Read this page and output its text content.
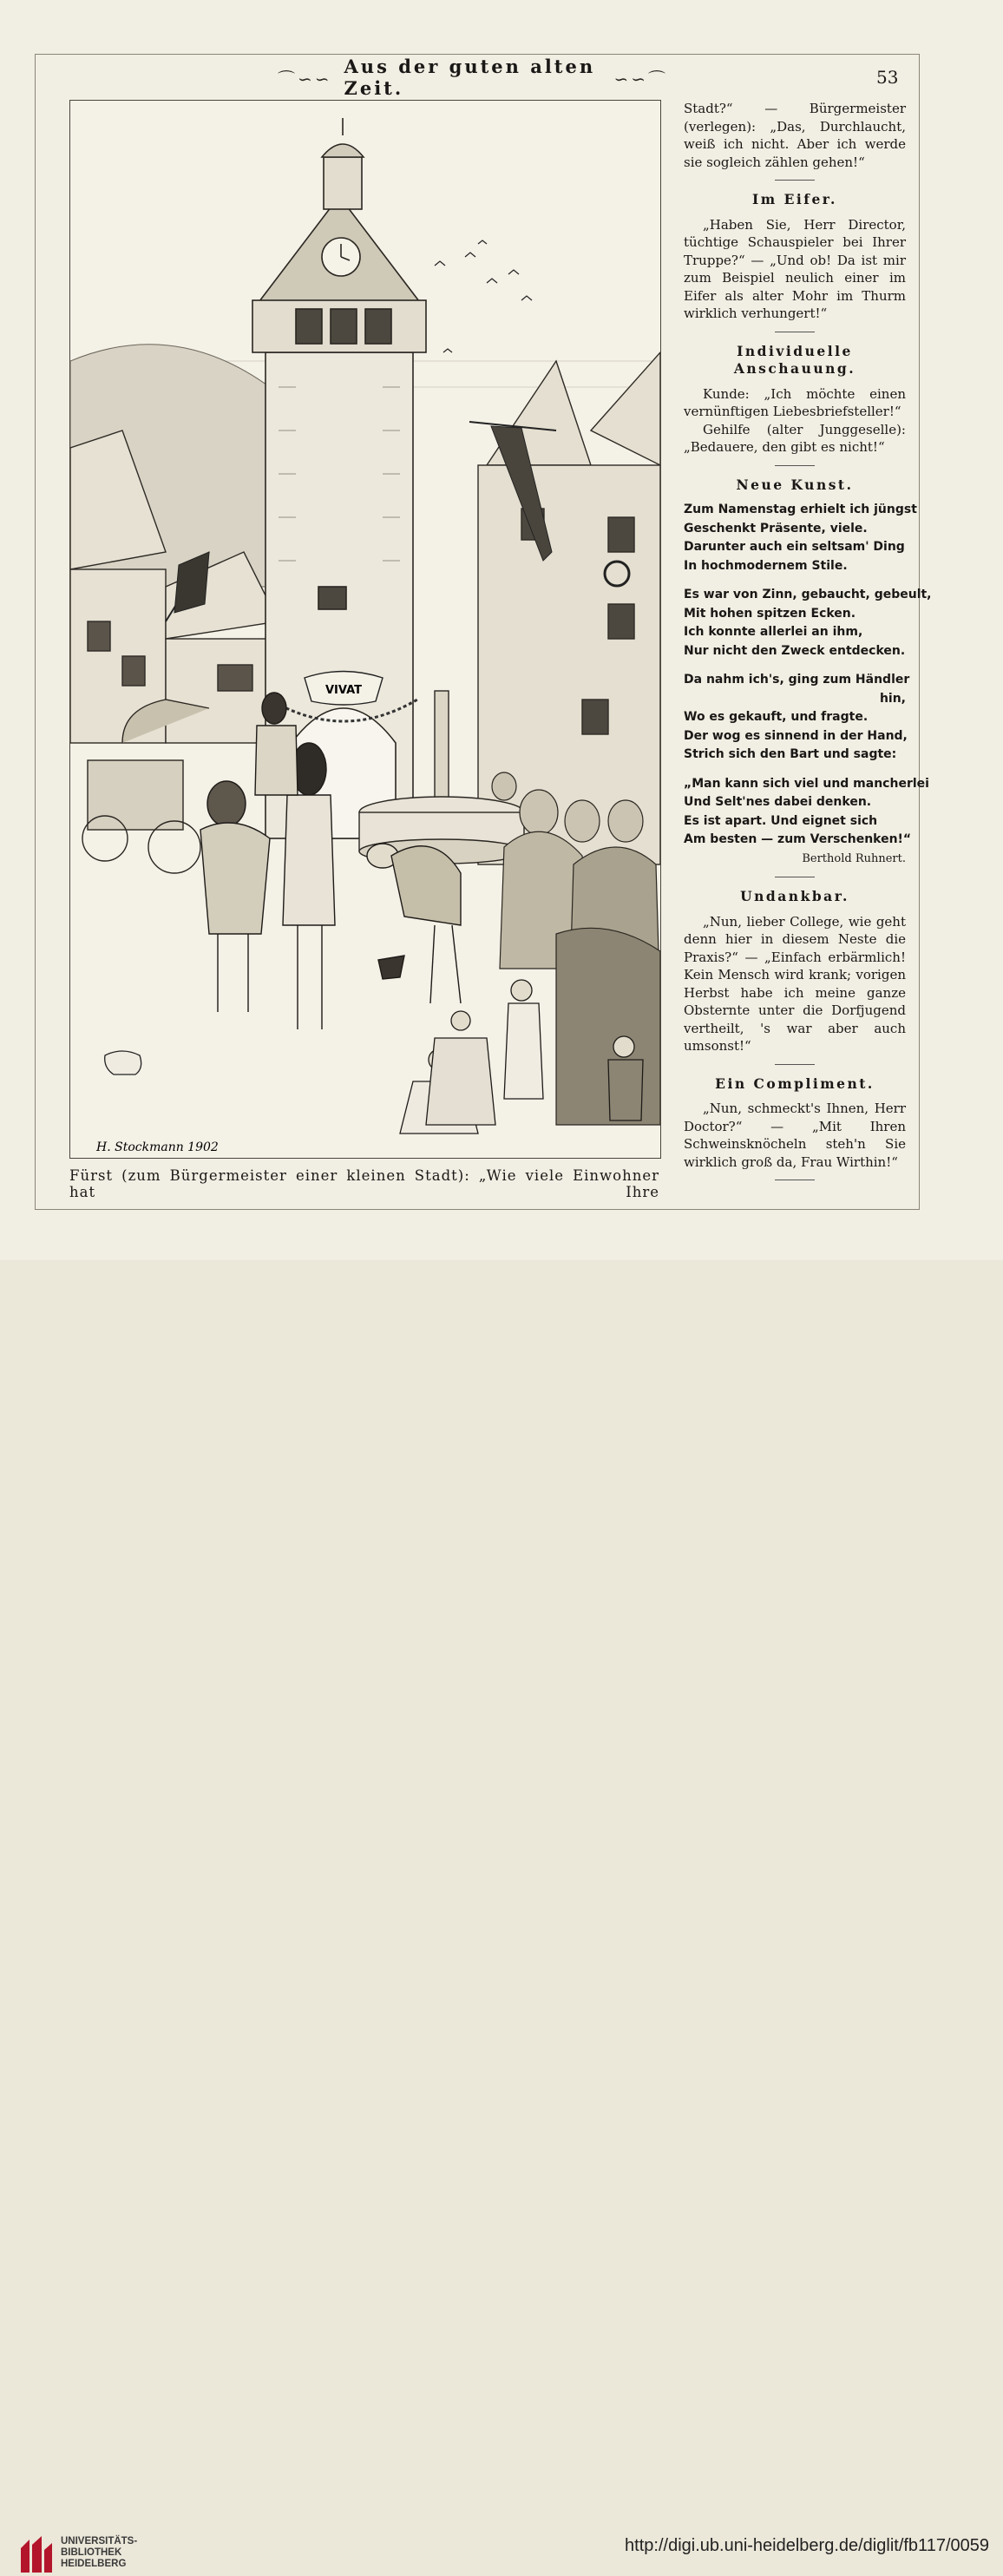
⌒∽∽
Aus der guten alten Zeit.	∽∽⌒	53
VIVAT
H. Stockmann 1902
Fürst (zum Bürgermeister einer kleinen Stadt): „Wie viele Einwohner hat Ihre

Stadt?“ — Bürgermeister (verlegen): „Das, Durchlaucht, weiß ich nicht. Aber ich werde sie sogleich zählen gehen!“

Im Eifer.

„Haben Sie, Herr Director, tüchtige Schauspieler bei Ihrer Truppe?“ — „Und ob! Da ist mir zum Beispiel neulich einer im Eifer als alter Mohr im Thurm wirklich verhungert!“

Individuelle Anschauung.

Kunde: „Ich möchte einen vernünftigen Liebesbriefsteller!“

Gehilfe (alter Junggeselle): „Bedauere, den gibt es nicht!“

Neue Kunst.
Zum Namenstag erhielt ich jüngst
Geschenkt Präsente, viele.
Darunter auch ein seltsam' Ding
In hochmodernem Stile.
Es war von Zinn, gebaucht, gebeult,
Mit hohen spitzen Ecken.
Ich konnte allerlei an ihm,
Nur nicht den Zweck entdecken.
Da nahm ich's, ging zum Händler
hin,
Wo es gekauft, und fragte.
Der wog es sinnend in der Hand,
Strich sich den Bart und sagte:
„Man kann sich viel und mancherlei
Und Selt'nes dabei denken.
Es ist apart. Und eignet sich
Am besten — zum Verschenken!“
Berthold Ruhnert.
Undankbar.

„Nun, lieber College, wie geht denn hier in diesem Neste die Praxis?“ — „Einfach erbärmlich! Kein Mensch wird krank; vorigen Herbst habe ich meine ganze Obsternte unter die Dorfjugend vertheilt, 's war aber auch umsonst!“

Ein Compliment.

„Nun, schmeckt's Ihnen, Herr Doctor?“ — „Mit Ihren Schweinsknöcheln steh'n Sie wirklich groß da, Frau Wirthin!“

UNIVERSITÄTS-
BIBLIOTHEK
HEIDELBERG
http://digi.ub.uni-heidelberg.de/diglit/fb117/0059
